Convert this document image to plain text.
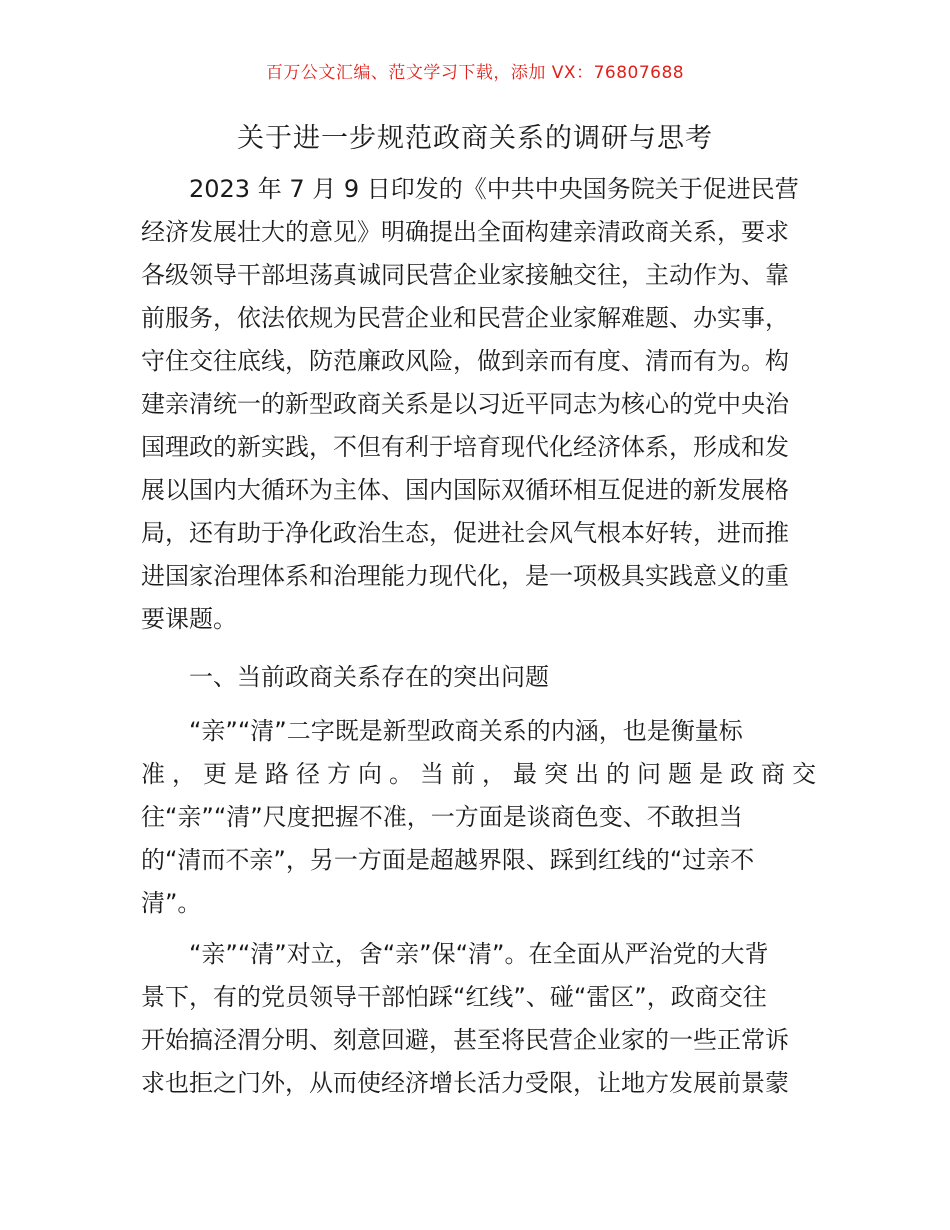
百万公文汇编、范文学习下载，添加 VX：76807688
关于进一步规范政商关系的调研与思考
2023 年 7 月 9 日印发的《中共中央国务院关于促进民营
经济发展壮大的意见》明确提出全面构建亲清政商关系，要求
各级领导干部坦荡真诚同民营企业家接触交往，主动作为、靠
前服务，依法依规为民营企业和民营企业家解难题、办实事，
守住交往底线，防范廉政风险，做到亲而有度、清而有为。构
建亲清统一的新型政商关系是以习近平同志为核心的党中央治
国理政的新实践，不但有利于培育现代化经济体系，形成和发
展以国内大循环为主体、国内国际双循环相互促进的新发展格
局，还有助于净化政治生态，促进社会风气根本好转，进而推
进国家治理体系和治理能力现代化，是一项极具实践意义的重
要课题。
一、当前政商关系存在的突出问题
“亲”“清”二字既是新型政商关系的内涵，也是衡量标
准，更是路径方向。当前，最突出的问题是政商交
往“亲”“清”尺度把握不准，一方面是谈商色变、不敢担当
的“清而不亲”，另一方面是超越界限、踩到红线的“过亲不
清”。
“亲”“清”对立，舍“亲”保“清”。在全面从严治党的大背
景下，有的党员领导干部怕踩“红线”、碰“雷区”，政商交往
开始搞泾渭分明、刻意回避，甚至将民营企业家的一些正常诉
求也拒之门外，从而使经济增长活力受限，让地方发展前景蒙
